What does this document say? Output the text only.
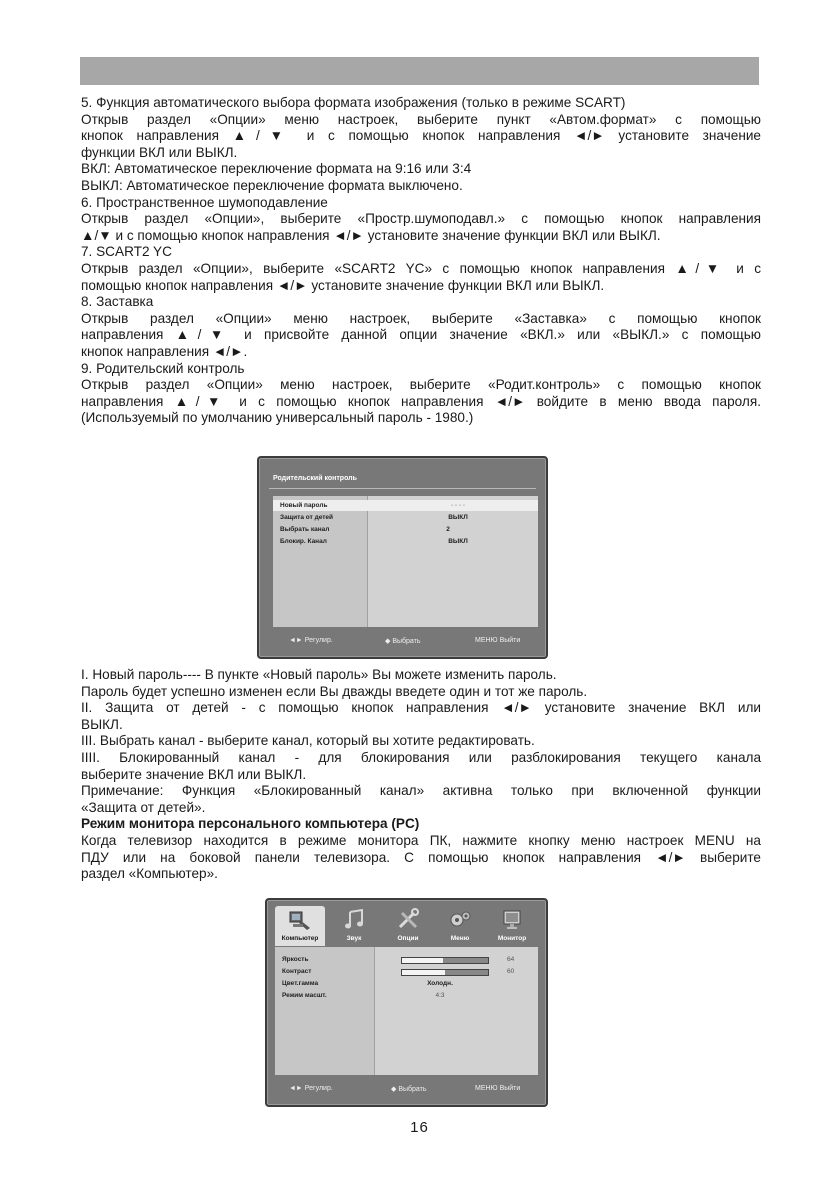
5. Функция автоматического выбора формата изображения (только в режиме SCART)

Открыв раздел «Опции» меню настроек, выберите пункт «Автом.формат» с помощью

кнопок направления ▲/▼ и с помощью кнопок направления ◄/► установите значение

функции ВКЛ или ВЫКЛ.

ВКЛ: Автоматическое переключение формата на 9:16 или 3:4

ВЫКЛ: Автоматическое переключение формата выключено.

6. Пространственное шумоподавление

Открыв раздел «Опции», выберите «Простр.шумоподавл.» с помощью кнопок направления

▲/▼ и с помощью кнопок направления ◄/► установите значение функции ВКЛ или ВЫКЛ.

7. SCART2 YC

Открыв раздел «Опции», выберите «SCART2 YC» с помощью кнопок направления ▲/▼ и с

помощью кнопок направления ◄/► установите значение функции ВКЛ или ВЫКЛ.

8. Заставка

Открыв раздел «Опции» меню настроек, выберите «Заставка» с помощью кнопок

направления ▲/▼ и присвойте данной опции значение «ВКЛ.» или «ВЫКЛ.» с помощью

кнопок направления ◄/►.

9. Родительский контроль

Открыв раздел «Опции» меню настроек, выберите «Родит.контроль» с помощью кнопок

направления ▲/▼ и с помощью кнопок направления ◄/► войдите в меню ввода пароля.

(Используемый по умолчанию универсальный пароль - 1980.)

Родительский контроль
Новый пароль	- - - -
Защита от детей	ВЫКЛ
Выбрать канал	2
Блокир. Канал	ВЫКЛ
◄► Регулир.	◆ Выбрать	МЕНЮ Выйти

I. Новый пароль---- В пункте «Новый пароль» Вы можете изменить пароль.

Пароль будет успешно изменен если Вы дважды введете один и тот же пароль.

II. Защита от детей - с помощью кнопок направления ◄/► установите значение ВКЛ или

ВЫКЛ.

III. Выбрать канал - выберите канал, который вы хотите редактировать.

IIII. Блокированный канал - для блокирования или разблокирования текущего канала

выберите значение ВКЛ или ВЫКЛ.

Примечание: Функция «Блокированный канал» активна только при включенной функции

«Защита от детей».

Режим монитора персонального компьютера (PC)

Когда телевизор находится в режиме монитора ПК, нажмите кнопку меню настроек MENU на

ПДУ или на боковой панели телевизора. С помощью кнопок направления ◄/► выберите

раздел «Компьютер».

Компьютер	Звук	Опции	Меню	Монитор
Яркость	64
Контраст	60
Цвет.гамма	Холодн.
Режим масшт.	4:3
◄► Регулир.	◆ Выбрать	МЕНЮ Выйти
16
